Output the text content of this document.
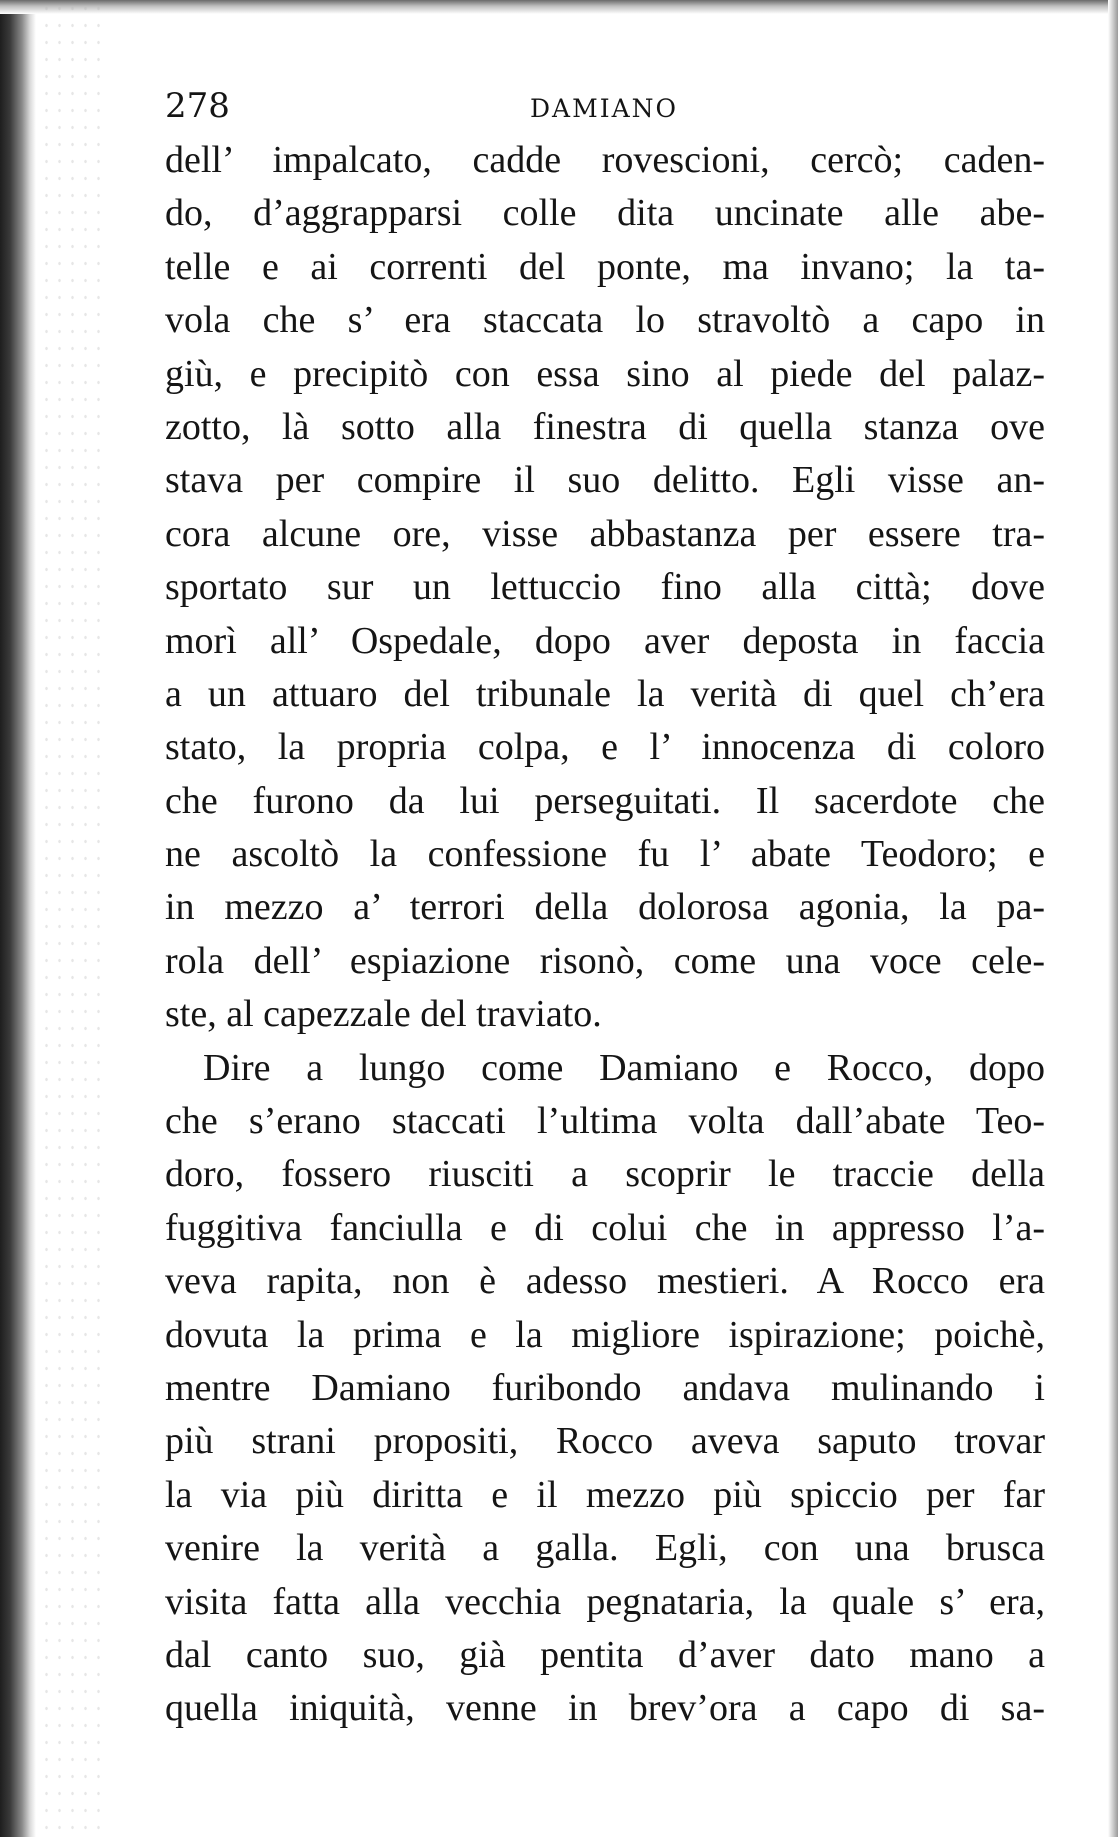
278	DAMIANO
dell’ impalcato, cadde rovescioni, cercò; caden-
do, d’aggrapparsi colle dita uncinate alle abe-
telle e ai correnti del ponte, ma invano; la ta-
vola che s’ era staccata lo stravoltò a capo in
giù, e precipitò con essa sino al piede del palaz-
zotto, là sotto alla finestra di quella stanza ove
stava per compire il suo delitto. Egli visse an-
cora alcune ore, visse abbastanza per essere tra-
sportato sur un lettuccio fino alla città; dove
morì all’ Ospedale, dopo aver deposta in faccia
a un attuaro del tribunale la verità di quel ch’era
stato, la propria colpa, e l’ innocenza di coloro
che furono da lui perseguitati. Il sacerdote che
ne ascoltò la confessione fu l’ abate Teodoro; e
in mezzo a’ terrori della dolorosa agonia, la pa-
rola dell’ espiazione risonò, come una voce cele-
ste, al capezzale del traviato.
Dire a lungo come Damiano e Rocco, dopo
che s’erano staccati l’ultima volta dall’abate Teo-
doro, fossero riusciti a scoprir le traccie della
fuggitiva fanciulla e di colui che in appresso l’a-
veva rapita, non è adesso mestieri. A Rocco era
dovuta la prima e la migliore ispirazione; poichè,
mentre Damiano furibondo andava mulinando i
più strani propositi, Rocco aveva saputo trovar
la via più diritta e il mezzo più spiccio per far
venire la verità a galla. Egli, con una brusca
visita fatta alla vecchia pegnataria, la quale s’ era,
dal canto suo, già pentita d’aver dato mano a
quella iniquità, venne in brev’ora a capo di sa-
